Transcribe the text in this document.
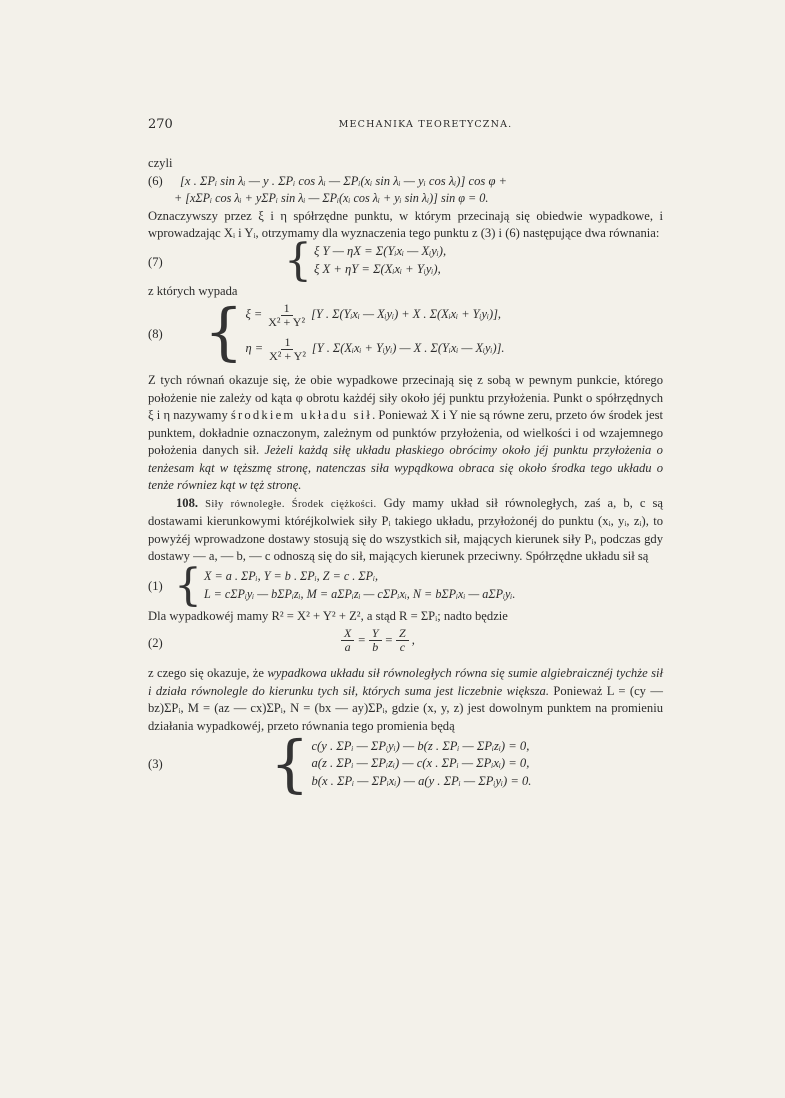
270	MECHANIKA TEORETYCZNA.

czyli

(6) [x . ΣPᵢ sin λᵢ — y . ΣPᵢ cos λᵢ — ΣPᵢ(xᵢ sin λᵢ — yᵢ cos λᵢ)] cos φ +
+ [xΣPᵢ cos λᵢ + yΣPᵢ sin λᵢ — ΣPᵢ(xᵢ cos λᵢ + yᵢ sin λᵢ)] sin φ = 0.

Oznaczywszy przez ξ i η spółrzędne punktu, w którym przecinają się obiedwie wypadkowe, i wprowadzając Xᵢ i Yᵢ, otrzymamy dla wyznaczenia tego punktu z (3) i (6) następujące dwa równania:

(7)	{ ξ Y — ηX = Σ(Yᵢxᵢ — Xᵢyᵢ),
ξ X + ηY = Σ(Xᵢxᵢ + Yᵢyᵢ),

z których wypada

(8) { $\xi = \frac{1}{\text{X² + Y²}} [Y$ . Σ(Yᵢxᵢ — Xᵢyᵢ) + X . Σ(Xᵢxᵢ + Yᵢyᵢ)],
$\eta = \frac{1}{\text{X² + Y²}} [Y$ . Σ(Xᵢxᵢ + Yᵢyᵢ) — X . Σ(Yᵢxᵢ — Xᵢyᵢ)].

Z tych równań okazuje się, że obie wypadkowe przecinają się z sobą w pewnym punkcie, którego położenie nie zależy od kąta φ obrotu każdéj siły około jéj punktu przyłożenia. Punkt o spółrzędnych ξ i η nazywamy środkiem układu sił. Ponieważ X i Y nie są równe zeru, przeto ów środek jest punktem, dokładnie oznaczonym, zależnym od punktów przyłożenia, od wielkości i od wzajemnego położenia danych sił. Jeżeli każdą siłę układu płaskiego obrócimy około jéj punktu przyłożenia o tenżesam kąt w tęższmę stronę, natenczas siła wypądkowa obraca się około środka tego układu o tenże równiez kąt w tęż stronę.

108. Siły równoległe. Środek ciężkości. Gdy mamy układ sił równoległych, zaś a, b, c są dostawami kierunkowymi któréjkolwiek siły Pᵢ takiego układu, przyłożonéj do punktu (xᵢ, yᵢ, zᵢ), to powyżéj wprowadzone dostawy stosują się do wszystkich sił, mających kierunek siły Pᵢ, podczas gdy dostawy — a, — b, — c odnoszą się do sił, mających kierunek przeciwny. Spółrzędne układu sił są

(1) { X = a . ΣPᵢ, Y = b . ΣPᵢ, Z = c . ΣPᵢ,
L = cΣPᵢyᵢ — bΣPᵢzᵢ, M = aΣPᵢzᵢ — cΣPᵢxᵢ, N = bΣPᵢxᵢ — aΣPᵢyᵢ.

Dla wypadkowéj mamy R² = X² + Y² + Z², a stąd R = ΣPᵢ; nadto będzie

(2)	$\frac{X}{a} = \frac{Y}{b} = \frac{Z}{c}$ ,

z czego się okazuje, że wypadkowa układu sił równoległych równa się sumie algiebraicznéj tychże sił i działa równolegle do kierunku tych sił, których suma jest liczebnie większa. Ponieważ L = (cy — bz)ΣPᵢ, M = (az — cx)ΣPᵢ, N = (bx — ay)ΣPᵢ, gdzie (x, y, z) jest dowolnym punktem na promieniu działania wypadkowéj, przeto równania tego promienia będą

(3) { c(y . ΣPᵢ — ΣPᵢyᵢ) — b(z . ΣPᵢ — ΣPᵢzᵢ) = 0,
a(z . ΣPᵢ — ΣPᵢzᵢ) — c(x . ΣPᵢ — ΣPᵢxᵢ) = 0,
b(x . ΣPᵢ — ΣPᵢxᵢ) — a(y . ΣPᵢ — ΣPᵢyᵢ) = 0.
